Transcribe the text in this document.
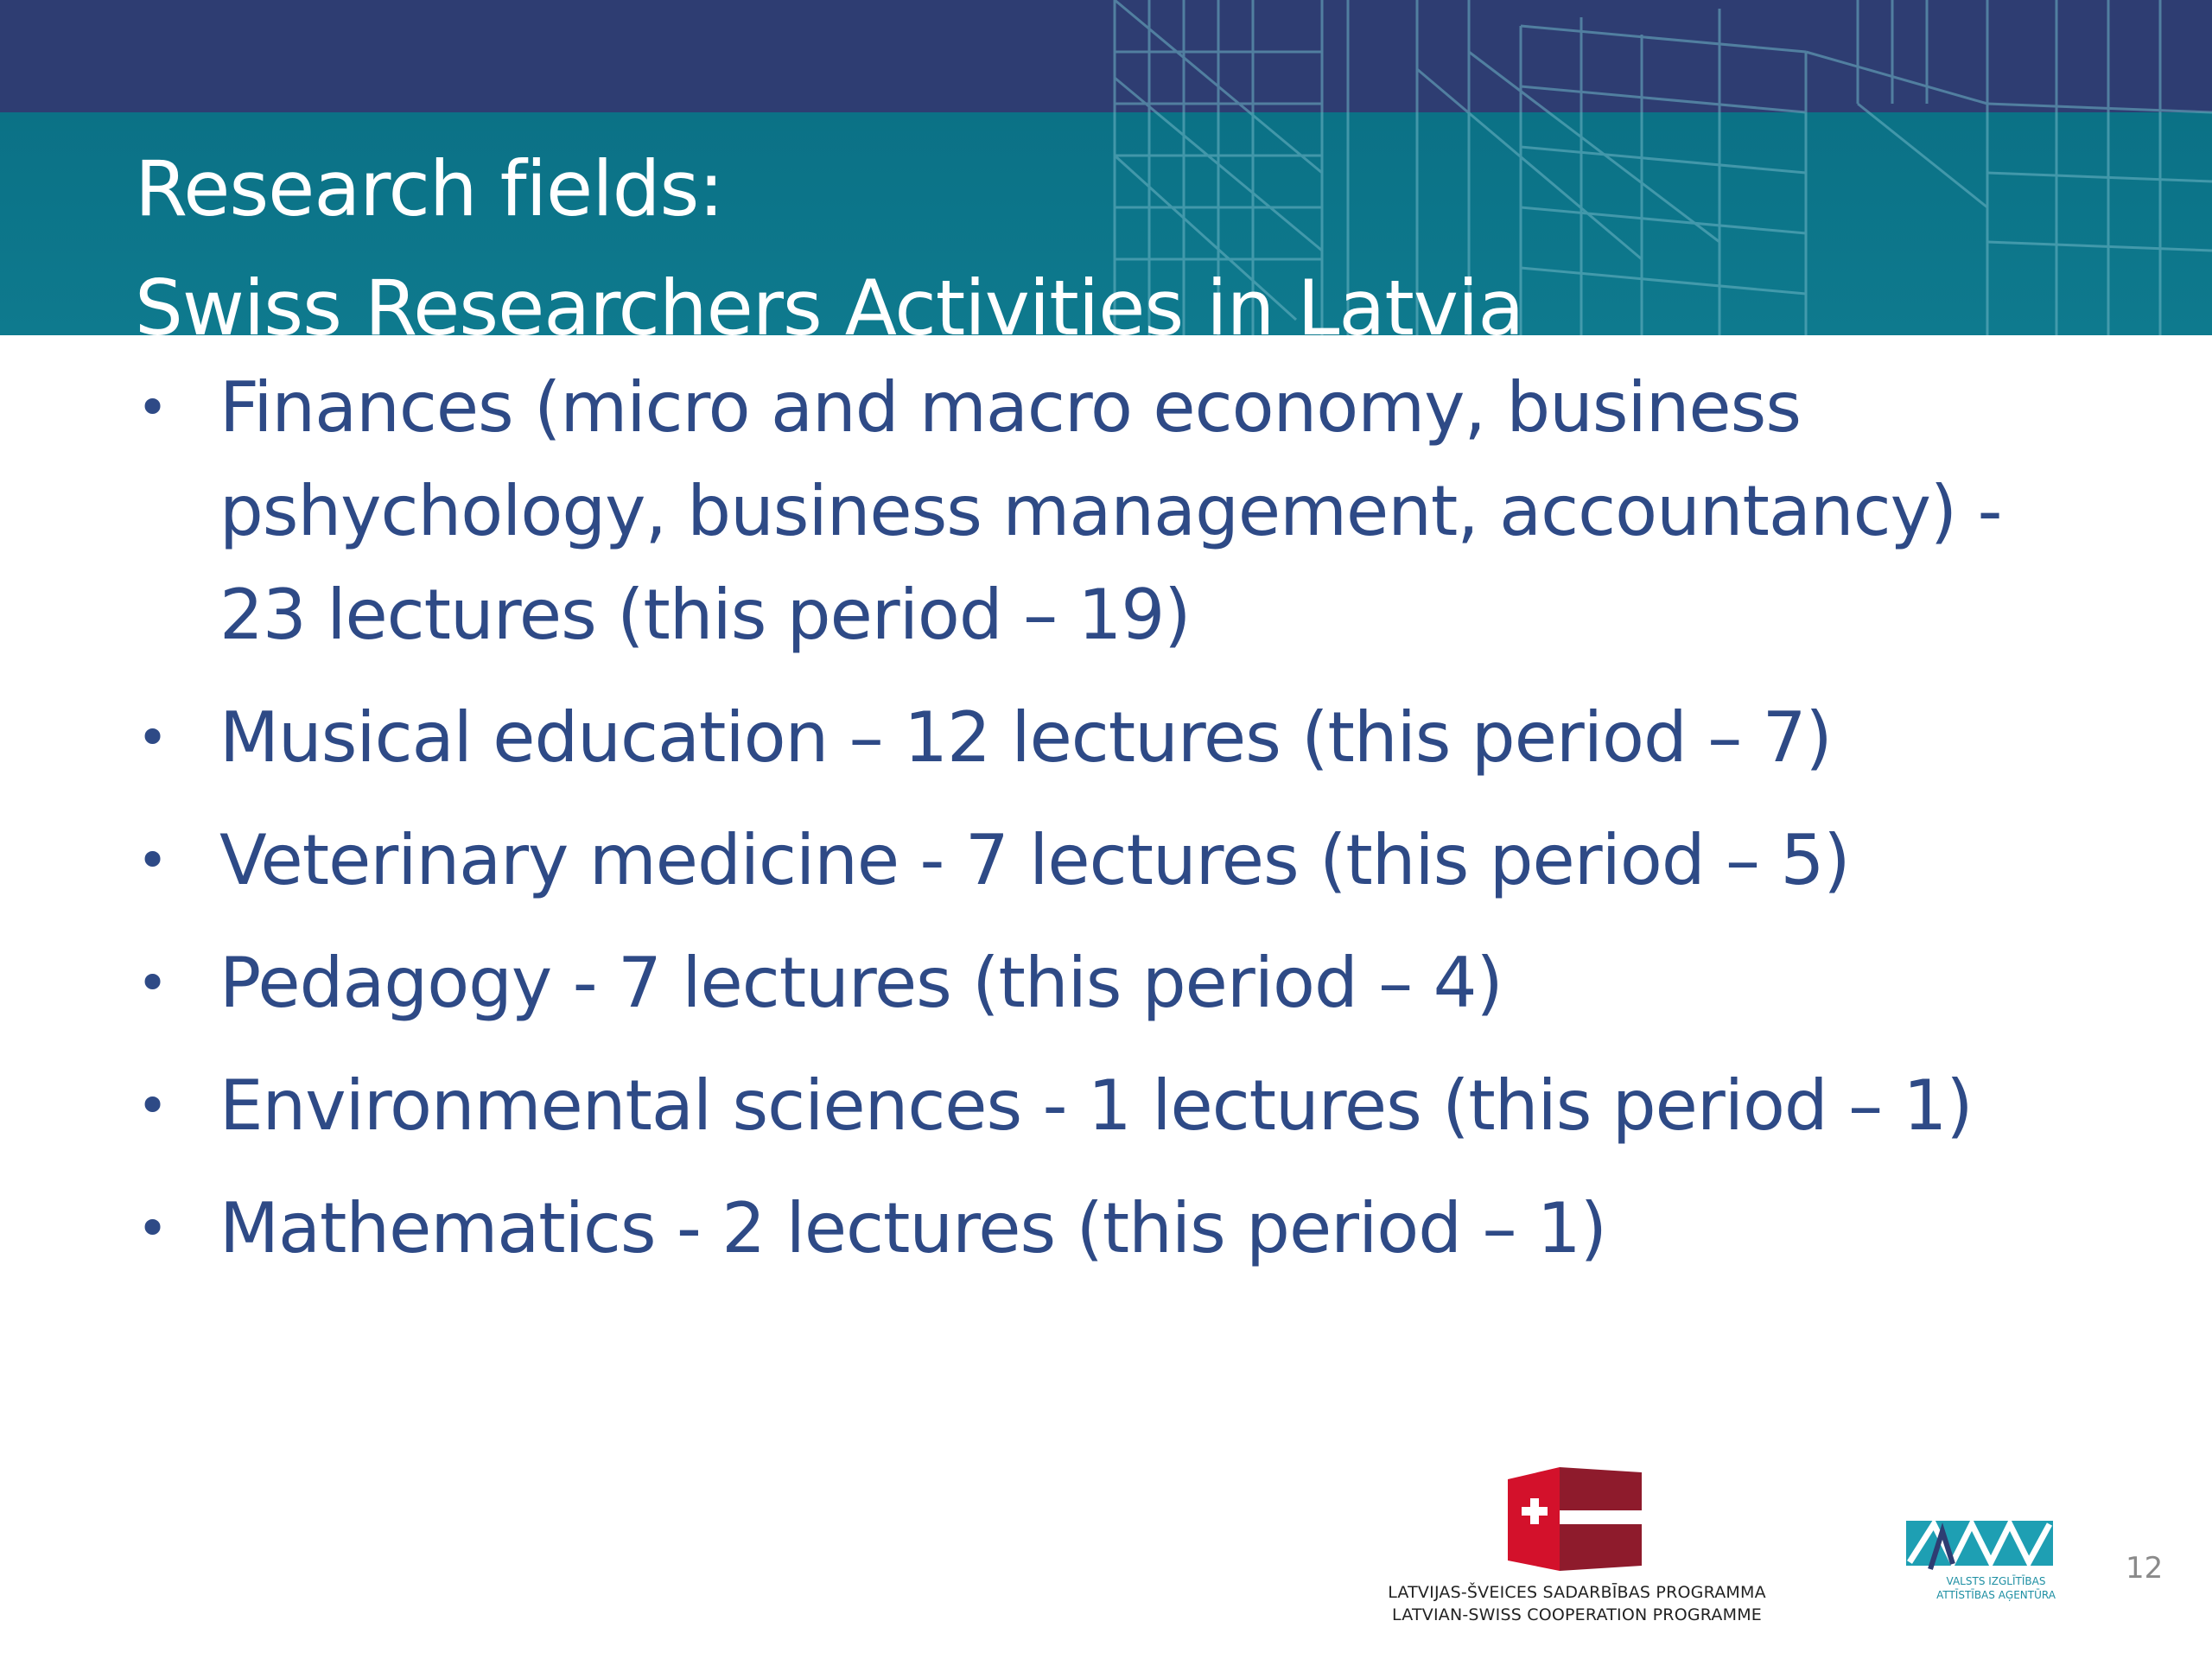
Research fields:
Swiss Researchers Activities in Latvia
• Finances (micro and macro economy, business pshychology, business management, accountancy) - 23 lectures (this period – 19)
• Musical education – 12 lectures (this period – 7)
• Veterinary medicine - 7 lectures (this period – 5)
• Pedagogy - 7 lectures (this period – 4)
• Environmental sciences - 1 lectures (this period – 1)
• Mathematics - 2 lectures (this period – 1)
LATVIJAS-ŠVEICES SADARBĪBAS PROGRAMMA
LATVIAN-SWISS COOPERATION PROGRAMME
VALSTS IZGLĪTĪBAS
ATTĪSTĪBAS AĢENTŪRA
12
